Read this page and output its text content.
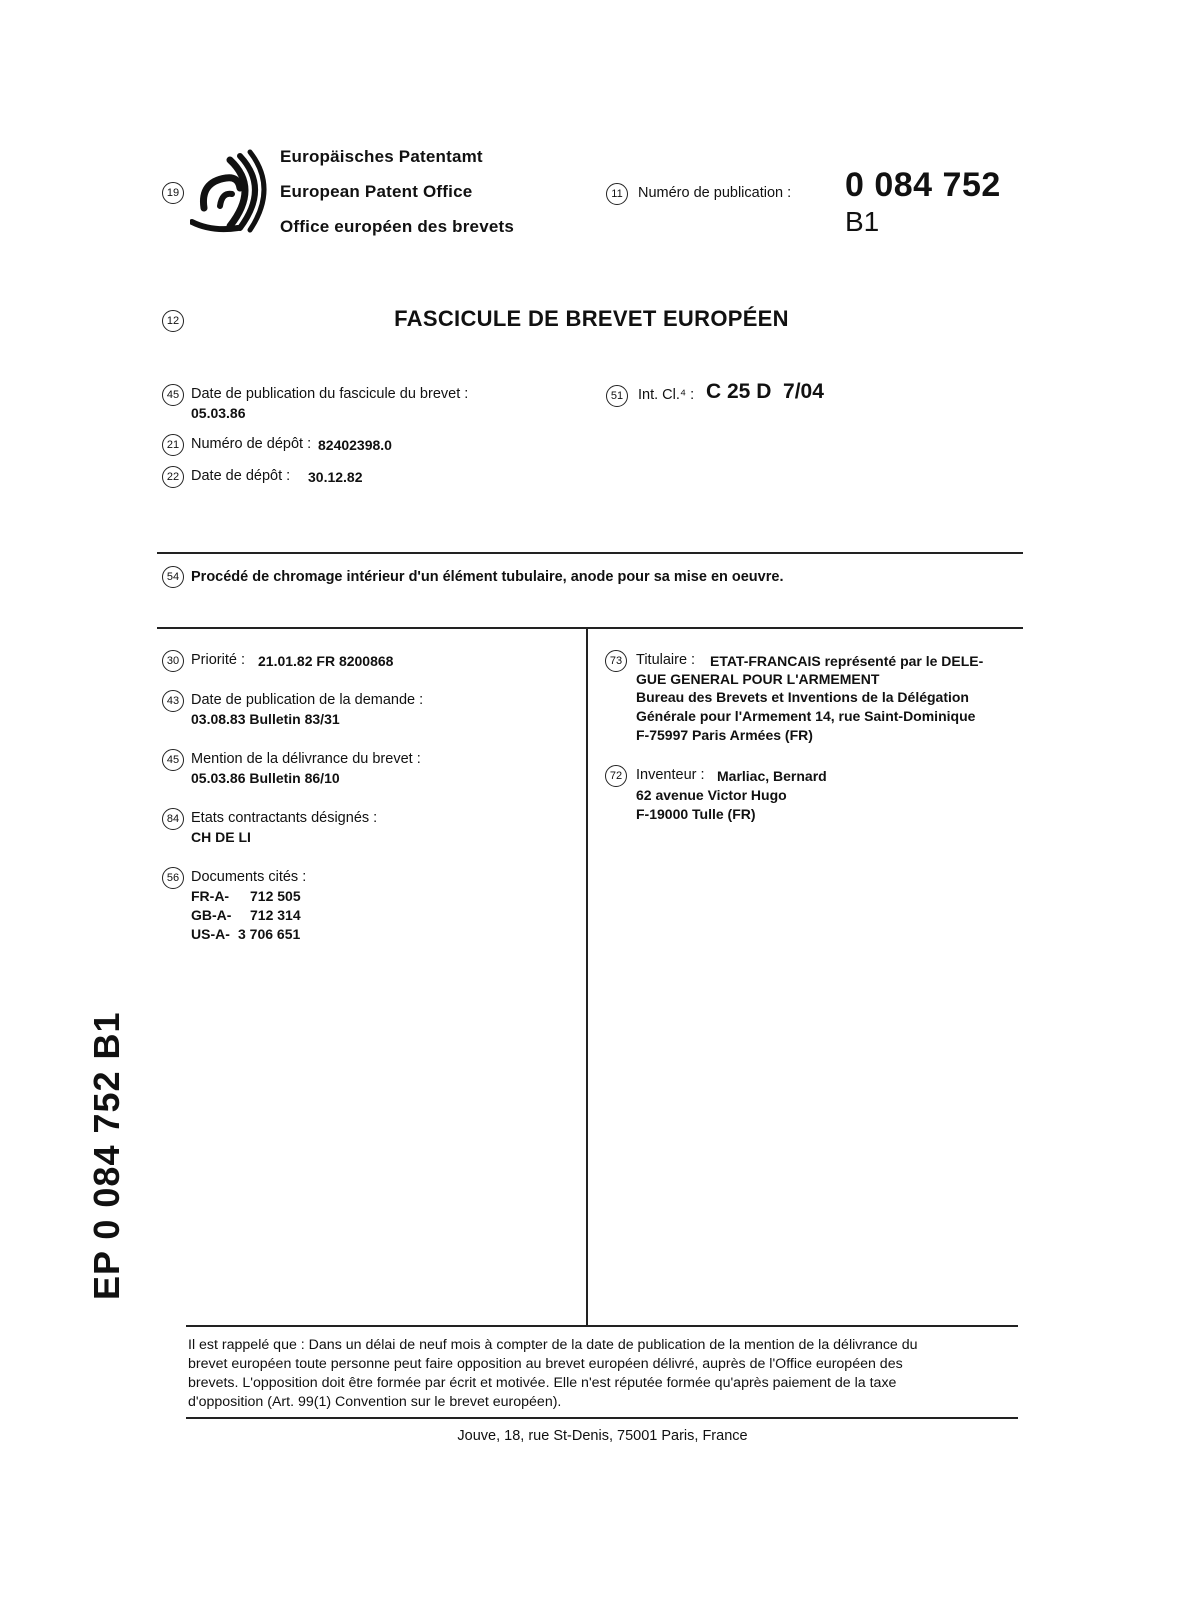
19
Europäisches Patentamt
European Patent Office
Office européen des brevets
11	Numéro de publication : 0 084 752
B1
12	FASCICULE DE BREVET EUROPÉEN
45 Date de publication du fascicule du brevet :
05.03.86
51	Int. Cl.⁴ : C 25 D  7/04
21 Numéro de dépôt : 82402398.0
22 Date de dépôt : 30.12.82
54 Procédé de chromage intérieur d'un élément tubulaire, anode pour sa mise en oeuvre.
30 Priorité : 21.01.82 FR 8200868
43 Date de publication de la demande :
03.08.83 Bulletin 83/31
45 Mention de la délivrance du brevet :
05.03.86 Bulletin 86/10
84 Etats contractants désignés :
CH DE LI
56 Documents cités :
FR-A- 712 505
GB-A- 712 314
US-A- 3 706 651
73 Titulaire : ETAT-FRANCAIS représenté par le DELE-
GUE GENERAL POUR L'ARMEMENT
Bureau des Brevets et Inventions de la Délégation
Générale pour l'Armement 14, rue Saint-Dominique
F-75997 Paris Armées (FR)
72 Inventeur : Marliac, Bernard
62 avenue Victor Hugo
F-19000 Tulle (FR)
EP 0 084 752 B1
Il est rappelé que : Dans un délai de neuf mois à compter de la date de publication de la mention de la délivrance du
brevet européen toute personne peut faire opposition au brevet européen délivré, auprès de l'Office européen des
brevets. L'opposition doit être formée par écrit et motivée. Elle n'est réputée formée qu'après paiement de la taxe
d'opposition (Art. 99(1) Convention sur le brevet européen).
Jouve, 18, rue St-Denis, 75001 Paris, France
